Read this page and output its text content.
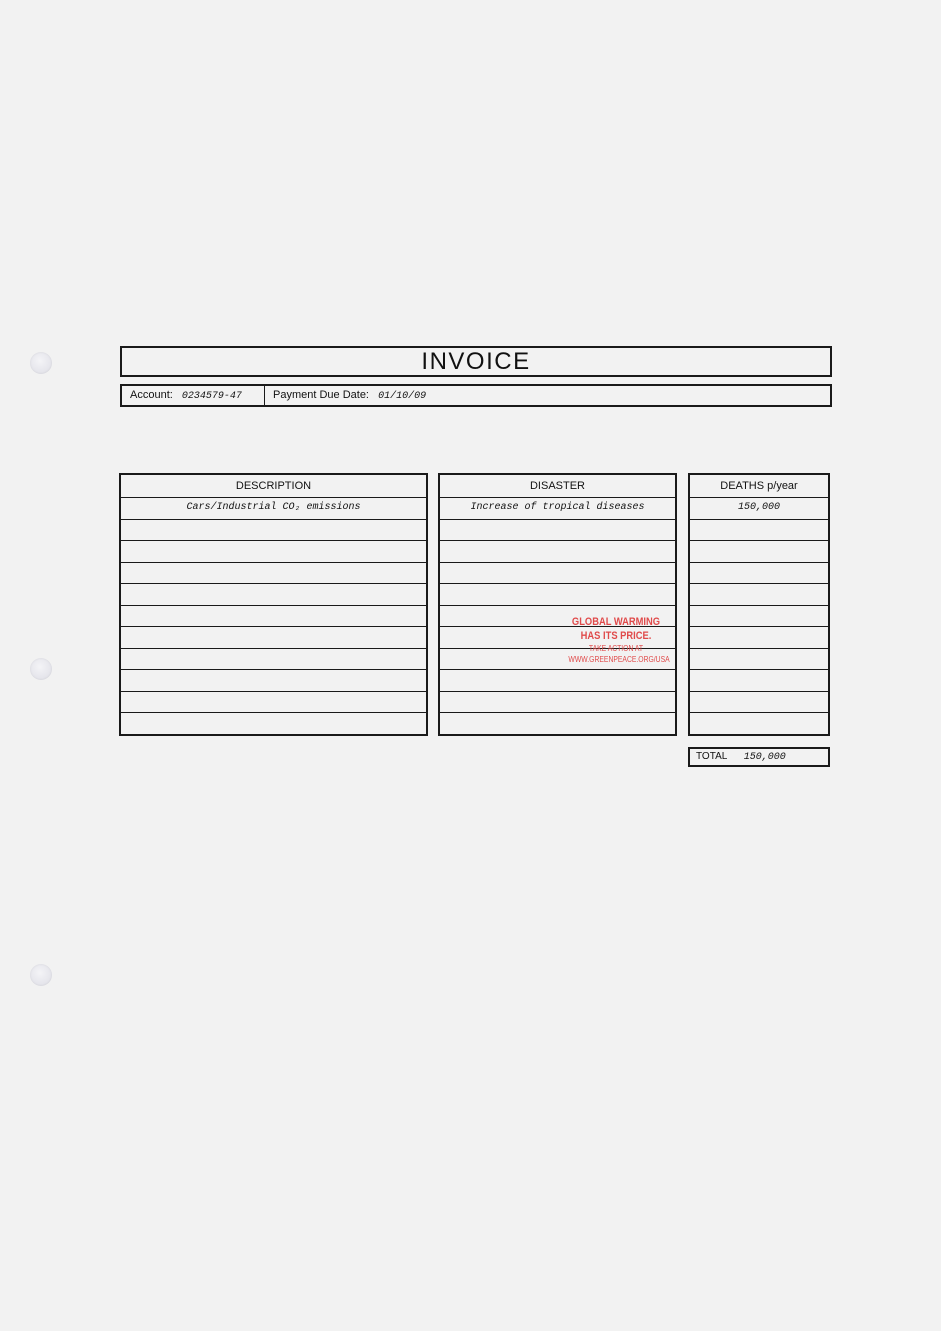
INVOICE
Account: 0234579-47	Payment Due Date: 01/10/09
DESCRIPTION
Cars/Industrial CO₂ emissions
DISASTER
Increase of tropical diseases
DEATHS p/year
150,000
TOTAL 150,000
GLOBAL WARMING
HAS ITS PRICE.
TAKE ACTION AT
WWW.GREENPEACE.ORG/USA
